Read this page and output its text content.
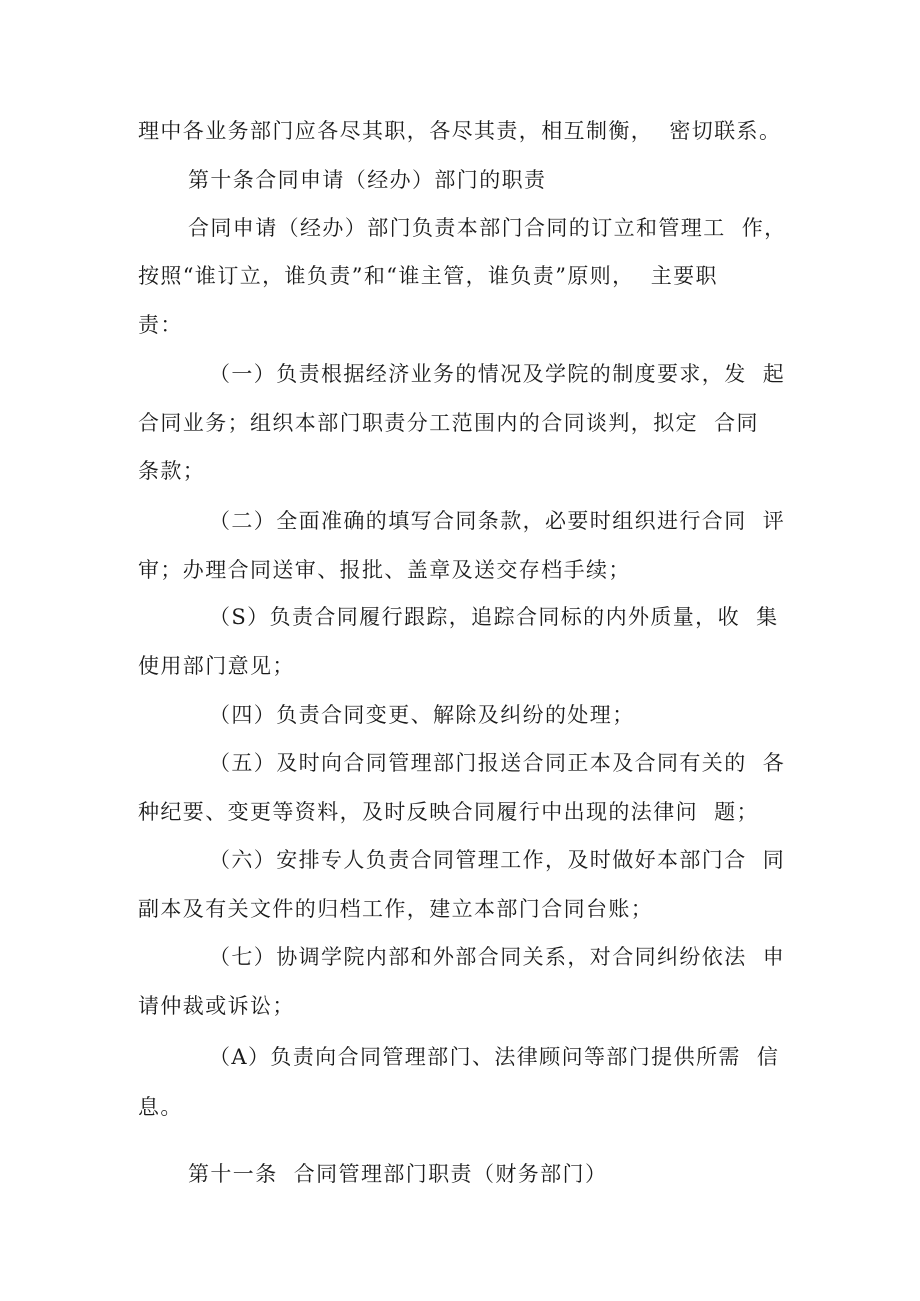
理中各业务部门应各尽其职，各尽其责，相互制衡，  密切联系。
第十条合同申请（经办）部门的职责
合同申请（经办）部门负责本部门合同的订立和管理工  作，
按照“谁订立，谁负责”和“谁主管，谁负责”原则，  主要职
责：
（一）负责根据经济业务的情况及学院的制度要求，发  起
合同业务；组织本部门职责分工范围内的合同谈判，拟定  合同
条款；
（二）全面准确的填写合同条款，必要时组织进行合同  评
审；办理合同送审、报批、盖章及送交存档手续；
（S）负责合同履行跟踪，追踪合同标的内外质量，收  集
使用部门意见；
（四）负责合同变更、解除及纠纷的处理；
（五）及时向合同管理部门报送合同正本及合同有关的  各
种纪要、变更等资料，及时反映合同履行中出现的法律问  题；
（六）安排专人负责合同管理工作，及时做好本部门合  同
副本及有关文件的归档工作，建立本部门合同台账；
（七）协调学院内部和外部合同关系，对合同纠纷依法  申
请仲裁或诉讼；
（A）负责向合同管理部门、法律顾问等部门提供所需  信
息。
第十一条  合同管理部门职责（财务部门）
